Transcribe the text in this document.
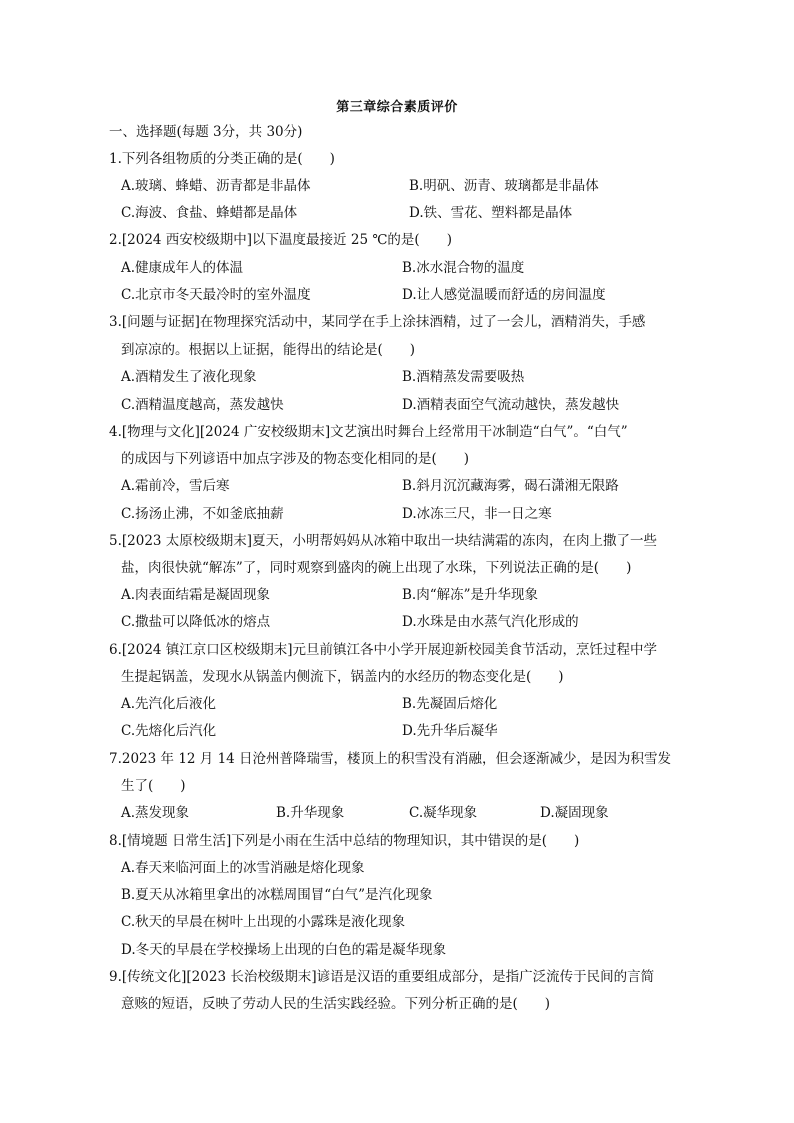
第三章综合素质评价
一、选择题(每题 3分，共 30分)
1.下列各组物质的分类正确的是(　　)
A.玻璃、蜂蜡、沥青都是非晶体	B.明矾、沥青、玻璃都是非晶体
C.海波、食盐、蜂蜡都是晶体	D.铁、雪花、塑料都是晶体
2.[2024 西安校级期中]以下温度最接近 25 ℃的是(　　)
A.健康成年人的体温	B.冰水混合物的温度
C.北京市冬天最冷时的室外温度	D.让人感觉温暖而舒适的房间温度
3.[问题与证据]在物理探究活动中，某同学在手上涂抹酒精，过了一会儿，酒精消失，手感
到凉凉的。根据以上证据，能得出的结论是(　　)
A.酒精发生了液化现象	B.酒精蒸发需要吸热
C.酒精温度越高，蒸发越快	D.酒精表面空气流动越快，蒸发越快
4.[物理与文化][2024 广安校级期末]文艺演出时舞台上经常用干冰制造“白气”。“白气”
的成因与下列谚语中加点字涉及的物态变化相同的是(　　)
A.霜前冷，雪后寒	B.斜月沉沉藏海雾，碣石潇湘无限路
C.扬汤止沸，不如釜底抽薪	D.冰冻三尺，非一日之寒
5.[2023 太原校级期末]夏天，小明帮妈妈从冰箱中取出一块结满霜的冻肉，在肉上撒了一些
盐，肉很快就“解冻”了，同时观察到盛肉的碗上出现了水珠，下列说法正确的是(　　)
A.肉表面结霜是凝固现象	B.肉“解冻”是升华现象
C.撒盐可以降低冰的熔点	D.水珠是由水蒸气汽化形成的
6.[2024 镇江京口区校级期末]元旦前镇江各中小学开展迎新校园美食节活动，烹饪过程中学
生提起锅盖，发现水从锅盖内侧流下，锅盖内的水经历的物态变化是(　　)
A.先汽化后液化	B.先凝固后熔化
C.先熔化后汽化	D.先升华后凝华
7.2023 年 12 月 14 日沧州普降瑞雪，楼顶上的积雪没有消融，但会逐渐减少，是因为积雪发
生了(　　)
A.蒸发现象	B.升华现象	C.凝华现象	D.凝固现象
8.[情境题 日常生活]下列是小雨在生活中总结的物理知识，其中错误的是(　　)
A.春天来临河面上的冰雪消融是熔化现象
B.夏天从冰箱里拿出的冰糕周围冒“白气”是汽化现象
C.秋天的早晨在树叶上出现的小露珠是液化现象
D.冬天的早晨在学校操场上出现的白色的霜是凝华现象
9.[传统文化][2023 长治校级期末]谚语是汉语的重要组成部分，是指广泛流传于民间的言简
意赅的短语，反映了劳动人民的生活实践经验。下列分析正确的是(　　)
